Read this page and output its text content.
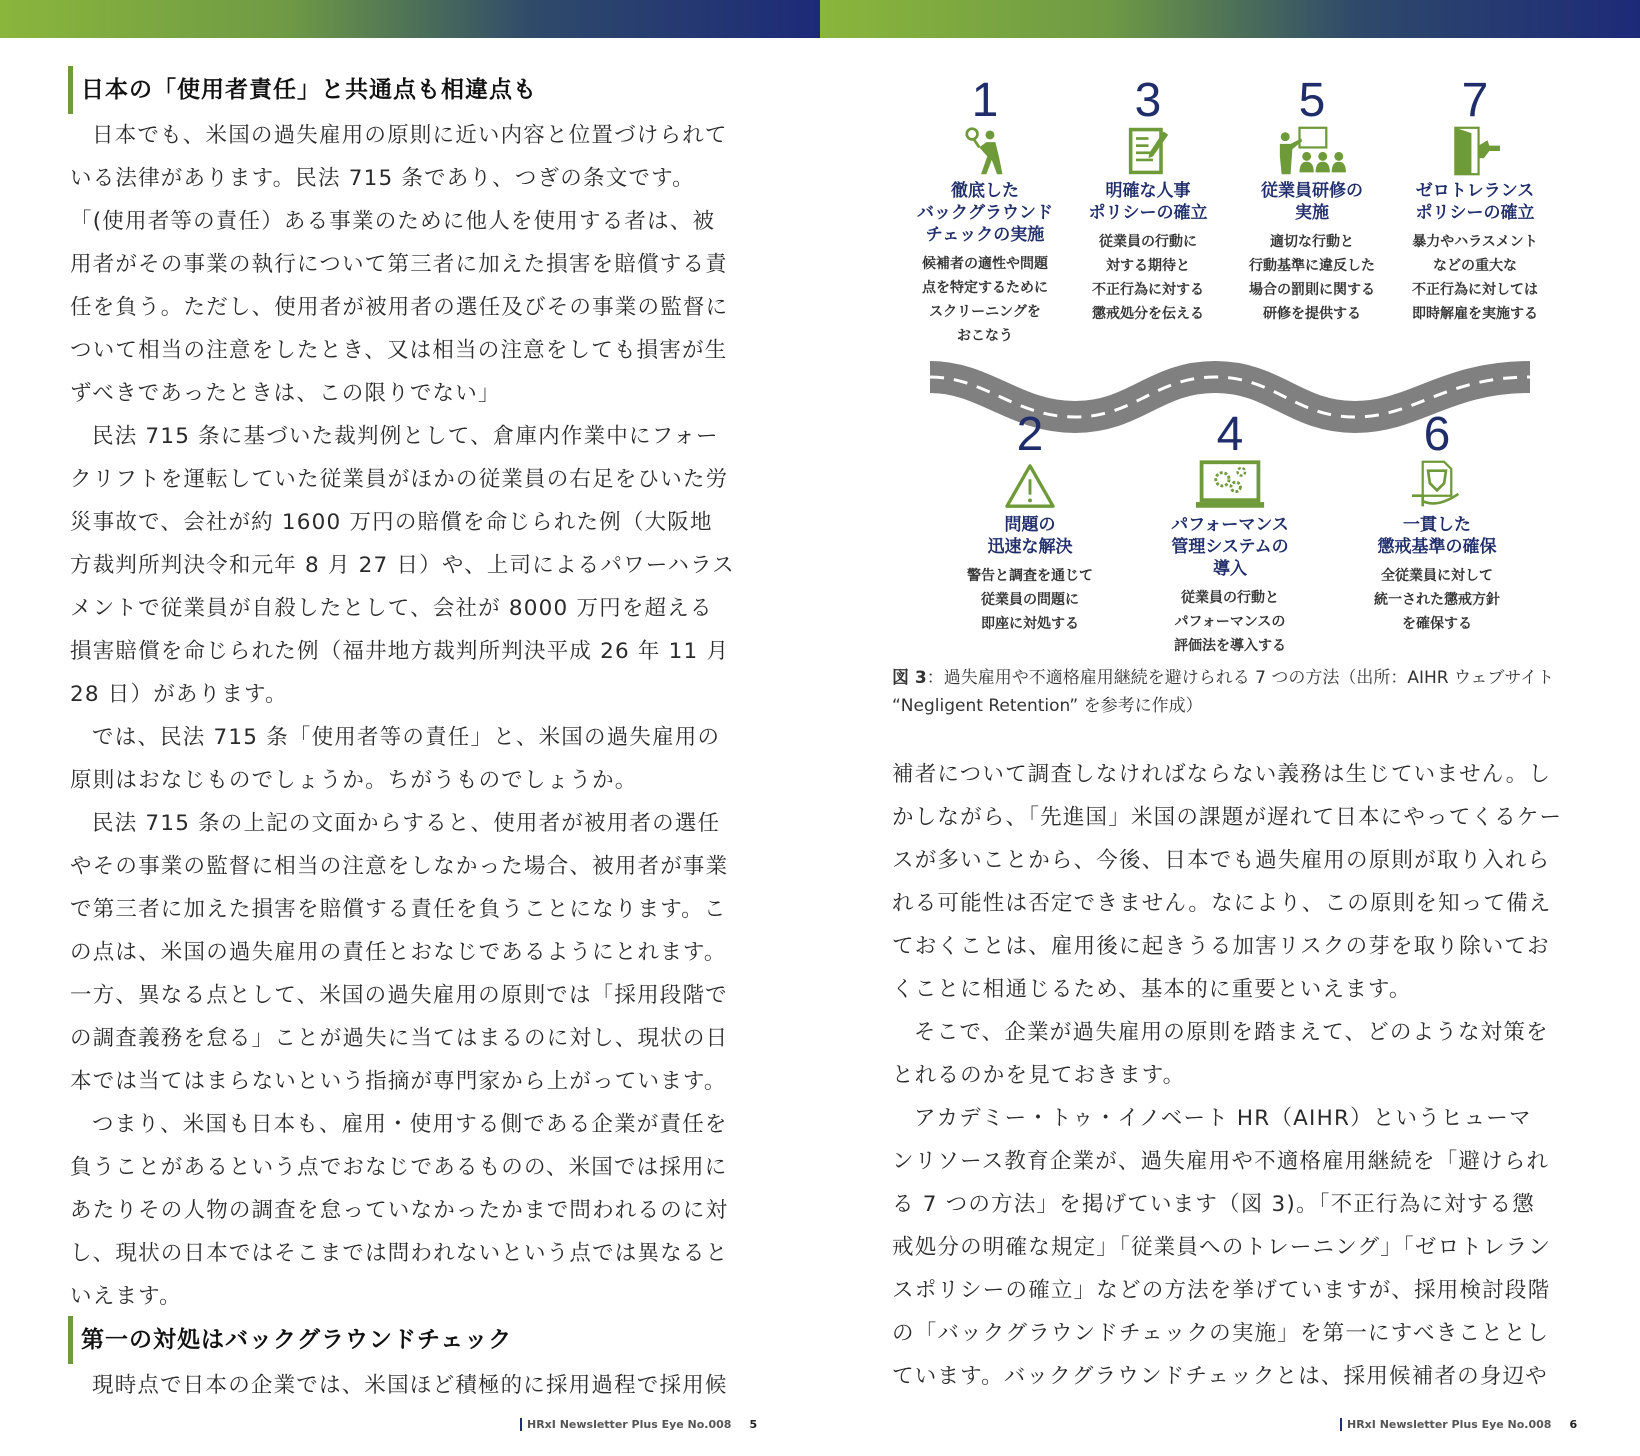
日本の「使用者責任」と共通点も相違点も
日本でも、米国の過失雇用の原則に近い内容と位置づけられて
いる法律があります。民法 715 条であり、つぎの条文です。
「(使用者等の責任）ある事業のために他人を使用する者は、被
用者がその事業の執行について第三者に加えた損害を賠償する責
任を負う。ただし、使用者が被用者の選任及びその事業の監督に
ついて相当の注意をしたとき、又は相当の注意をしても損害が生
ずべきであったときは、この限りでない」
民法 715 条に基づいた裁判例として、倉庫内作業中にフォー
クリフトを運転していた従業員がほかの従業員の右足をひいた労
災事故で、会社が約 1600 万円の賠償を命じられた例（大阪地
方裁判所判決令和元年 8 月 27 日）や、上司によるパワーハラス
メントで従業員が自殺したとして、会社が 8000 万円を超える
損害賠償を命じられた例（福井地方裁判所判決平成 26 年 11 月
28 日）があります。
では、民法 715 条「使用者等の責任」と、米国の過失雇用の
原則はおなじものでしょうか。ちがうものでしょうか。
民法 715 条の上記の文面からすると、使用者が被用者の選任
やその事業の監督に相当の注意をしなかった場合、被用者が事業
で第三者に加えた損害を賠償する責任を負うことになります。こ
の点は、米国の過失雇用の責任とおなじであるようにとれます。
一方、異なる点として、米国の過失雇用の原則では「採用段階で
の調査義務を怠る」ことが過失に当てはまるのに対し、現状の日
本では当てはまらないという指摘が専門家から上がっています。
つまり、米国も日本も、雇用・使用する側である企業が責任を
負うことがあるという点でおなじであるものの、米国では採用に
あたりその人物の調査を怠っていなかったかまで問われるのに対
し、現状の日本ではそこまでは問われないという点では異なると
いえます。
第一の対処はバックグラウンドチェック
現時点で日本の企業では、米国ほど積極的に採用過程で採用候
1
徹底した
バックグラウンド
チェックの実施
候補者の適性や問題
点を特定するために
スクリーニングを
おこなう
3
明確な人事
ポリシーの確立
従業員の行動に
対する期待と
不正行為に対する
懲戒処分を伝える
5
従業員研修の
実施
適切な行動と
行動基準に違反した
場合の罰則に関する
研修を提供する
7
ゼロトレランス
ポリシーの確立
暴力やハラスメント
などの重大な
不正行為に対しては
即時解雇を実施する
2
問題の
迅速な解決
警告と調査を通じて
従業員の問題に
即座に対処する
4
パフォーマンス
管理システムの
導入
従業員の行動と
パフォーマンスの
評価法を導入する
6
一貫した
懲戒基準の確保
全従業員に対して
統一された懲戒方針
を確保する
図 3：過失雇用や不適格雇用継続を避けられる 7 つの方法（出所：AIHR ウェブサイト “Negligent Retention” を参考に作成）
補者について調査しなければならない義務は生じていません。し
かしながら、「先進国」米国の課題が遅れて日本にやってくるケー
スが多いことから、今後、日本でも過失雇用の原則が取り入れら
れる可能性は否定できません。なにより、この原則を知って備え
ておくことは、雇用後に起きうる加害リスクの芽を取り除いてお
くことに相通じるため、基本的に重要といえます。
そこで、企業が過失雇用の原則を踏まえて、どのような対策を
とれるのかを見ておきます。
アカデミー・トゥ・イノベート HR（AIHR）というヒューマ
ンリソース教育企業が、過失雇用や不適格雇用継続を「避けられ
る 7 つの方法」を掲げています（図 3)。「不正行為に対する懲
戒処分の明確な規定」「従業員へのトレーニング」「ゼロトレラン
スポリシーの確立」などの方法を挙げていますが、採用検討段階
の「バックグラウンドチェックの実施」を第一にすべきこととし
ています。バックグラウンドチェックとは、採用候補者の身辺や
HRxI Newsletter Plus Eye No.008 5	HRxI Newsletter Plus Eye No.008 6
